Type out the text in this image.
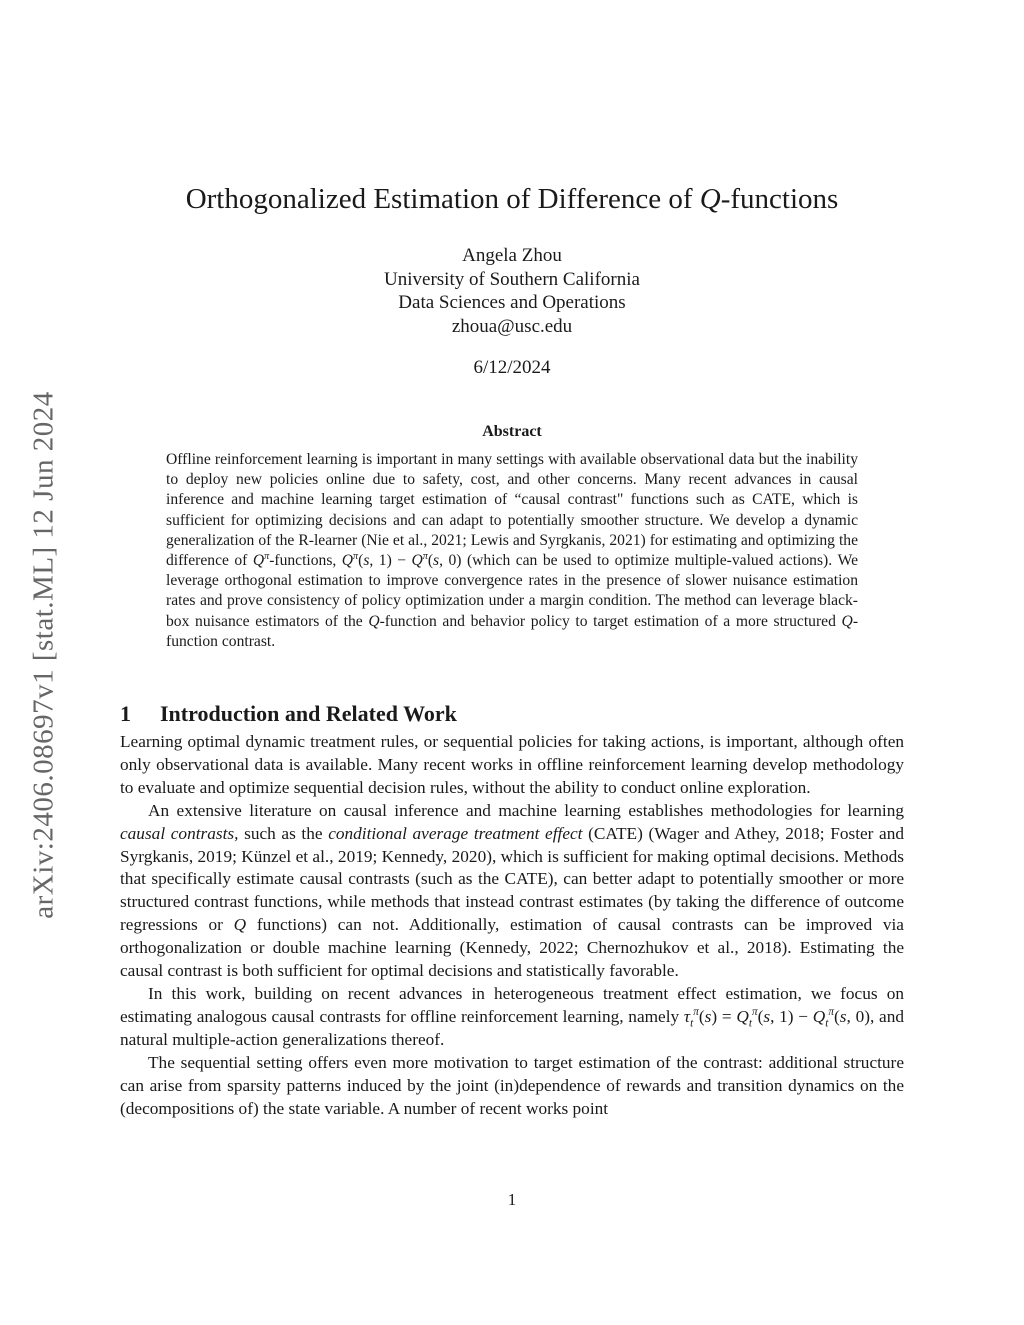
arXiv:2406.08697v1 [stat.ML] 12 Jun 2024
Orthogonalized Estimation of Difference of Q-functions
Angela Zhou
University of Southern California
Data Sciences and Operations
zhoua@usc.edu
6/12/2024
Abstract
Offline reinforcement learning is important in many settings with available observational data but the inability to deploy new policies online due to safety, cost, and other concerns. Many recent advances in causal inference and machine learning target estimation of “causal contrast" functions such as CATE, which is sufficient for optimizing decisions and can adapt to potentially smoother structure. We develop a dynamic generalization of the R-learner (Nie et al., 2021; Lewis and Syrgkanis, 2021) for estimating and optimizing the difference of $Q^\pi$-functions, $Q^\pi(s$, $1) - Q^\pi(s$, 0) (which can be used to optimize multiple-valued actions). We leverage orthogonal estimation to improve convergence rates in the presence of slower nuisance estimation rates and prove consistency of policy optimization under a margin condition. The method can leverage black-box nuisance estimators of the Q-function and behavior policy to target estimation of a more structured Q-function contrast.
1 Introduction and Related Work

Learning optimal dynamic treatment rules, or sequential policies for taking actions, is important, although often only observational data is available. Many recent works in offline reinforcement learning develop methodology to evaluate and optimize sequential decision rules, without the ability to conduct online exploration.

An extensive literature on causal inference and machine learning establishes methodologies for learning causal contrasts, such as the conditional average treatment effect (CATE) (Wager and Athey, 2018; Foster and Syrgkanis, 2019; Künzel et al., 2019; Kennedy, 2020), which is sufficient for making optimal decisions. Methods that specifically estimate causal contrasts (such as the CATE), can better adapt to potentially smoother or more structured contrast functions, while methods that instead contrast estimates (by taking the difference of outcome regressions or Q functions) can not. Additionally, estimation of causal contrasts can be improved via orthogonalization or double machine learning (Kennedy, 2022; Chernozhukov et al., 2018). Estimating the causal contrast is both sufficient for optimal decisions and statistically favorable.

In this work, building on recent advances in heterogeneous treatment effect estimation, we focus on estimating analogous causal contrasts for offline reinforcement learning, namely $\tau_t^\pi(s) = Q_t^\pi(s$, $1) - Q_t^\pi(s$, 0), and natural multiple-action generalizations thereof.

The sequential setting offers even more motivation to target estimation of the contrast: additional structure can arise from sparsity patterns induced by the joint (in)dependence of rewards and transition dynamics on the (decompositions of) the state variable. A number of recent works point

1
